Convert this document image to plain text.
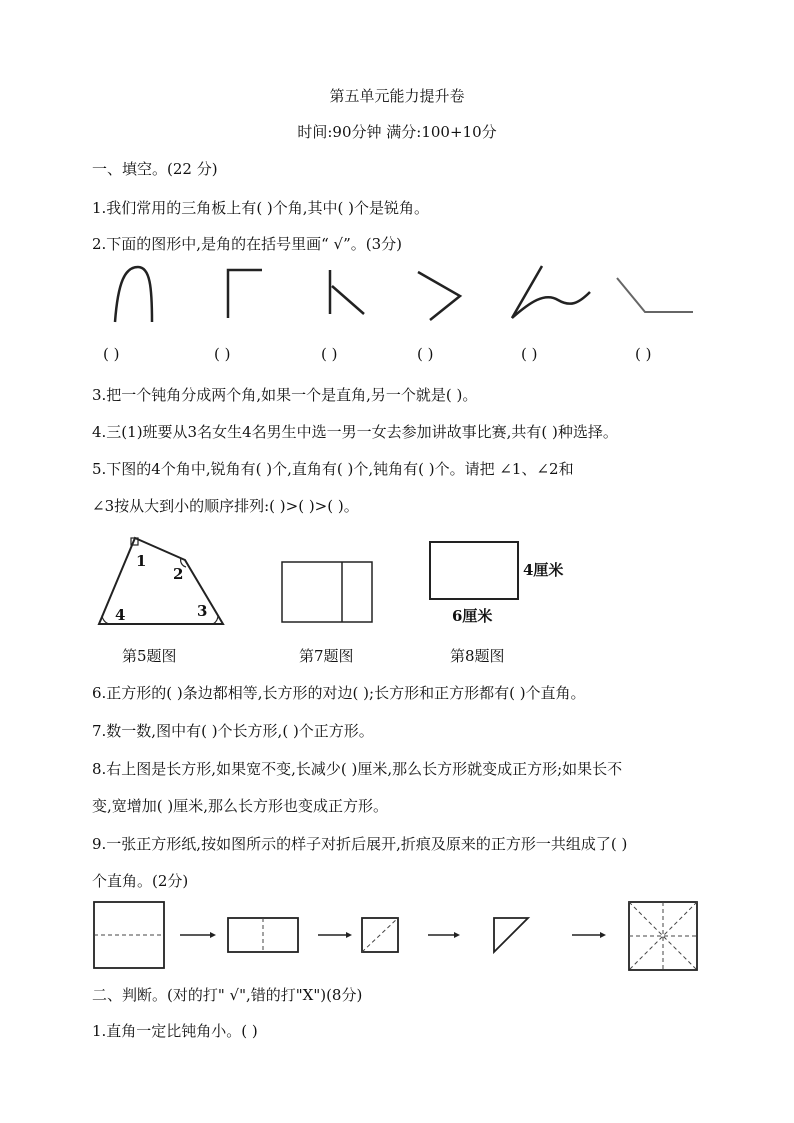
第五单元能力提升卷
时间:90分钟 满分:100+10分
一、填空。(22 分)
1.我们常用的三角板上有( )个角,其中( )个是锐角。
2.下面的图形中,是角的在括号里画“ √”。(3分)
( )	( )	( )	( )	( )	( )
3.把一个钝角分成两个角,如果一个是直角,另一个就是( )。
4.三(1)班要从3名女生4名男生中选一男一女去参加讲故事比赛,共有( )种选择。
5.下图的4个角中,锐角有( )个,直角有( )个,钝角有( )个。请把 ∠1、∠2和
∠3按从大到小的顺序排列:( )>( )>( )。
1
2
3
4
4厘米
6厘米
第5题图	第7题图	第8题图
6.正方形的( )条边都相等,长方形的对边( );长方形和正方形都有( )个直角。
7.数一数,图中有( )个长方形,( )个正方形。
8.右上图是长方形,如果宽不变,长减少( )厘米,那么长方形就变成正方形;如果长不
变,宽增加( )厘米,那么长方形也变成正方形。
9.一张正方形纸,按如图所示的样子对折后展开,折痕及原来的正方形一共组成了( )
个直角。(2分)
二、判断。(对的打" √",错的打"X")(8分)
1.直角一定比钝角小。( )
